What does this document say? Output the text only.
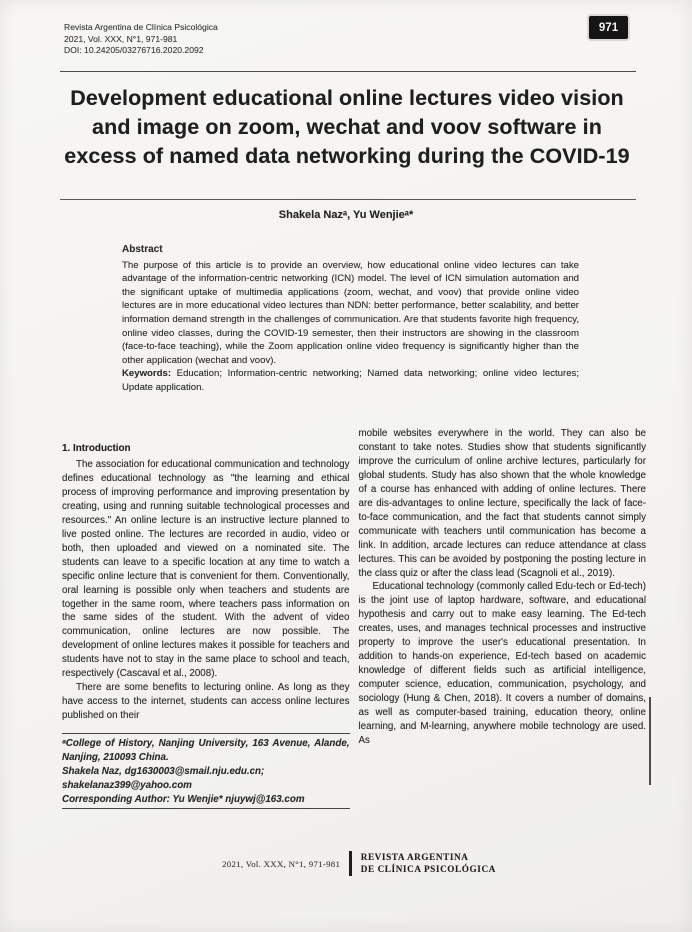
Revista Argentina de Clínica Psicológica
2021, Vol. XXX, N°1, 971-981
DOI: 10.24205/03276716.2020.2092
971
Development educational online lectures video vision and image on zoom, wechat and voov software in excess of named data networking during the COVID-19
Shakela Nazᵃ, Yu Wenjieᵃ*
Abstract

The purpose of this article is to provide an overview, how educational online video lectures can take advantage of the information-centric networking (ICN) model. The level of ICN simulation automation and the significant uptake of multimedia applications (zoom, wechat, and voov) that provide online video lectures are in more educational video lectures than NDN: better performance, better scalability, and better information demand strength in the challenges of communication. Are that students favorite high frequency, online video classes, during the COVID-19 semester, then their instructors are showing in the classroom (face-to-face teaching), while the Zoom application online video frequency is significantly higher than the other application (wechat and voov).

Keywords: Education; Information-centric networking; Named data networking; online video lectures; Update application.

1. Introduction

The association for educational communication and technology defines educational technology as "the learning and ethical process of improving performance and improving presentation by creating, using and running suitable technological processes and resources." An online lecture is an instructive lecture planned to live posted online. The lectures are recorded in audio, video or both, then uploaded and viewed on a nominated site. The students can leave to a specific location at any time to watch a specific online lecture that is convenient for them. Conventionally, oral learning is possible only when teachers and students are together in the same room, where teachers pass information on the same sides of the student. With the advent of video communication, online lectures are now possible. The development of online lectures makes it possible for teachers and students have not to stay in the same place to school and teach, respectively (Cascaval et al., 2008).

There are some benefits to lecturing online. As long as they have access to the internet, students can access online lectures published on their

ᵃCollege of History, Nanjing University, 163 Avenue, Alande, Nanjing, 210093 China.

Shakela Naz, dg1630003@smail.nju.edu.cn;

shakelanaz399@yahoo.com

Corresponding Author: Yu Wenjie* njuywj@163.com

mobile websites everywhere in the world. They can also be constant to take notes. Studies show that students significantly improve the curriculum of online archive lectures, particularly for global students. Study has also shown that the whole knowledge of a course has enhanced with adding of online lectures. There are dis-advantages to online lecture, specifically the lack of face-to-face communication, and the fact that students cannot simply communicate with teachers until communication has become a link. In addition, arcade lectures can reduce attendance at class lectures. This can be avoided by postponing the posting lecture in the class quiz or after the class lead (Scagnoli et al., 2019).

Educational technology (commonly called Edu-tech or Ed-tech) is the joint use of laptop hardware, software, and educational hypothesis and carry out to make easy learning. The Ed-tech creates, uses, and manages technical processes and instructive property to improve the user's educational presentation. In addition to hands-on experience, Ed-tech based on academic knowledge of different fields such as artificial intelligence, computer science, education, communication, psychology, and sociology (Hung & Chen, 2018). It covers a number of domains, as well as computer-based training, education theory, online learning, and M-learning, anywhere mobile technology are used. As

2021, Vol. XXX, N°1, 971-981
REVISTA ARGENTINA
DE CLÍNICA PSICOLÓGICA
